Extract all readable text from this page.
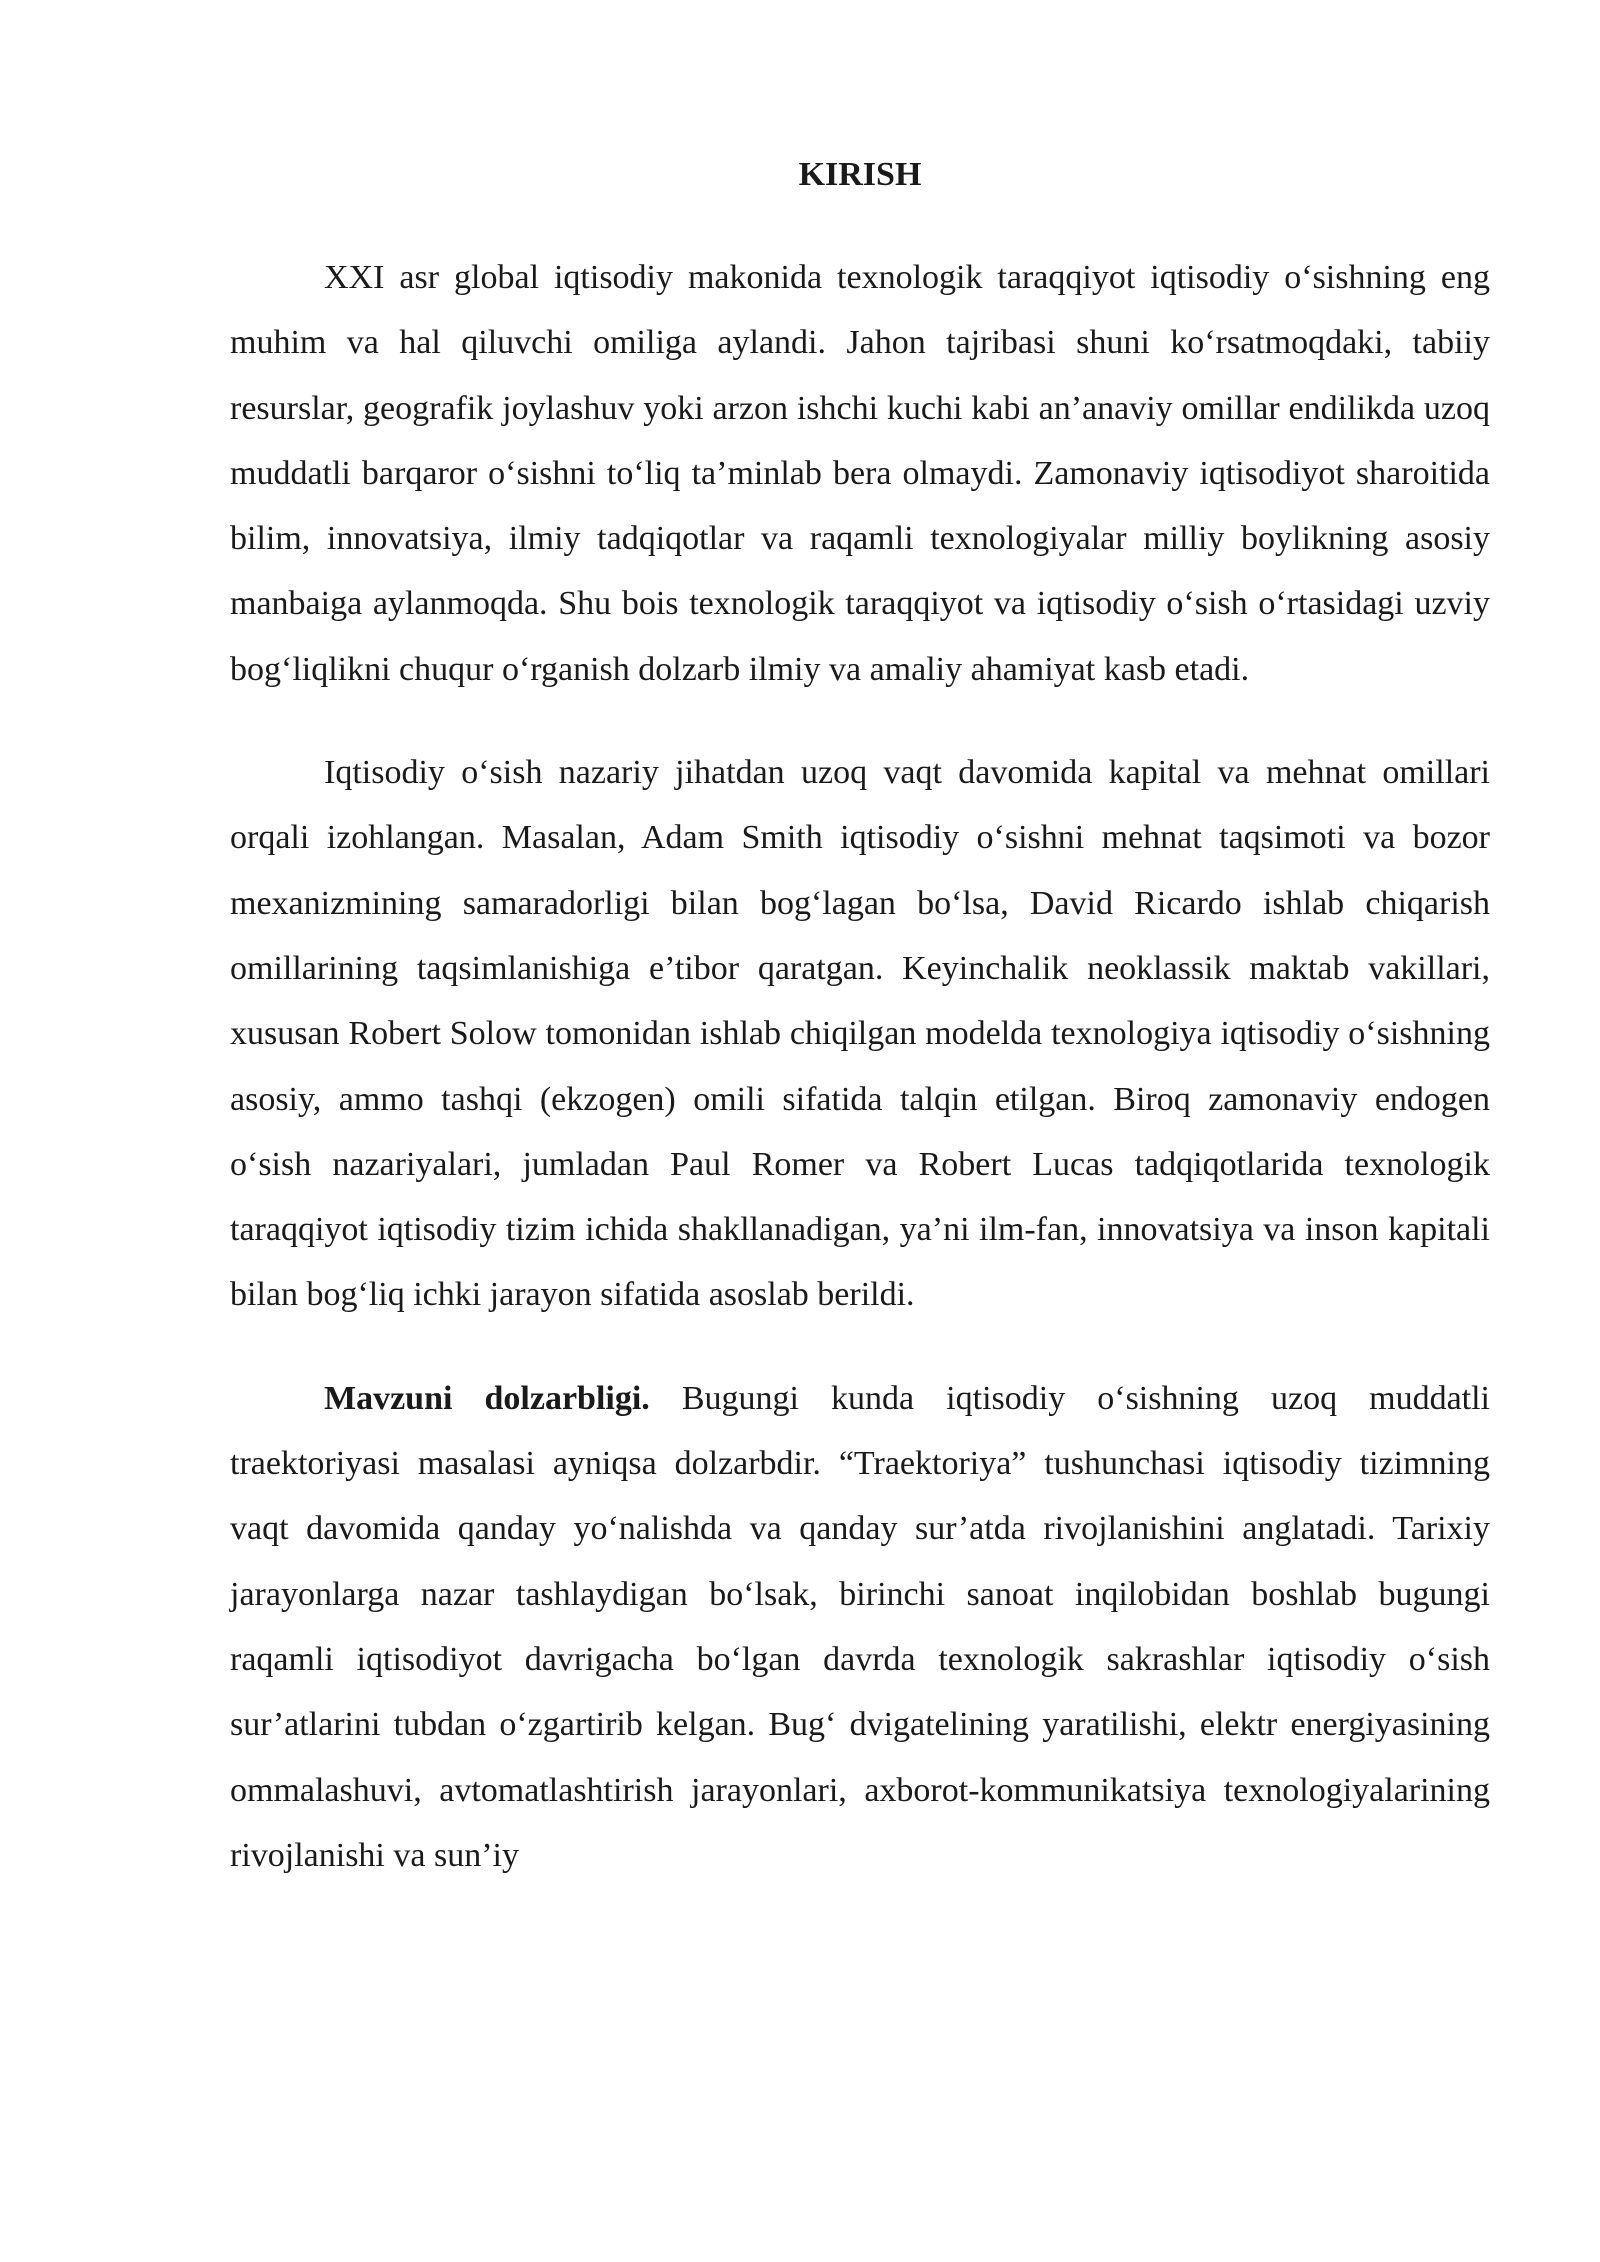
KIRISH

XXI asr global iqtisodiy makonida texnologik taraqqiyot iqtisodiy o‘sishning eng muhim va hal qiluvchi omiliga aylandi. Jahon tajribasi shuni ko‘rsatmoqdaki, tabiiy resurslar, geografik joylashuv yoki arzon ishchi kuchi kabi an’anaviy omillar endilikda uzoq muddatli barqaror o‘sishni to‘liq ta’minlab bera olmaydi. Zamonaviy iqtisodiyot sharoitida bilim, innovatsiya, ilmiy tadqiqotlar va raqamli texnologiyalar milliy boylikning asosiy manbaiga aylanmoqda. Shu bois texnologik taraqqiyot va iqtisodiy o‘sish o‘rtasidagi uzviy bog‘liqlikni chuqur o‘rganish dolzarb ilmiy va amaliy ahamiyat kasb etadi.

Iqtisodiy o‘sish nazariy jihatdan uzoq vaqt davomida kapital va mehnat omillari orqali izohlangan. Masalan, Adam Smith iqtisodiy o‘sishni mehnat taqsimoti va bozor mexanizmining samaradorligi bilan bog‘lagan bo‘lsa, David Ricardo ishlab chiqarish omillarining taqsimlanishiga e’tibor qaratgan. Keyinchalik neoklassik maktab vakillari, xususan Robert Solow tomonidan ishlab chiqilgan modelda texnologiya iqtisodiy o‘sishning asosiy, ammo tashqi (ekzogen) omili sifatida talqin etilgan. Biroq zamonaviy endogen o‘sish nazariyalari, jumladan Paul Romer va Robert Lucas tadqiqotlarida texnologik taraqqiyot iqtisodiy tizim ichida shakllanadigan, ya’ni ilm-fan, innovatsiya va inson kapitali bilan bog‘liq ichki jarayon sifatida asoslab berildi.

Mavzuni dolzarbligi. Bugungi kunda iqtisodiy o‘sishning uzoq muddatli traektoriyasi masalasi ayniqsa dolzarbdir. “Traektoriya” tushunchasi iqtisodiy tizimning vaqt davomida qanday yo‘nalishda va qanday sur’atda rivojlanishini anglatadi. Tarixiy jarayonlarga nazar tashlaydigan bo‘lsak, birinchi sanoat inqilobidan boshlab bugungi raqamli iqtisodiyot davrigacha bo‘lgan davrda texnologik sakrashlar iqtisodiy o‘sish sur’atlarini tubdan o‘zgartirib kelgan. Bug‘ dvigatelining yaratilishi, elektr energiyasining ommalashuvi, avtomatlashtirish jarayonlari, axborot-kommunikatsiya texnologiyalarining rivojlanishi va sun’iy
